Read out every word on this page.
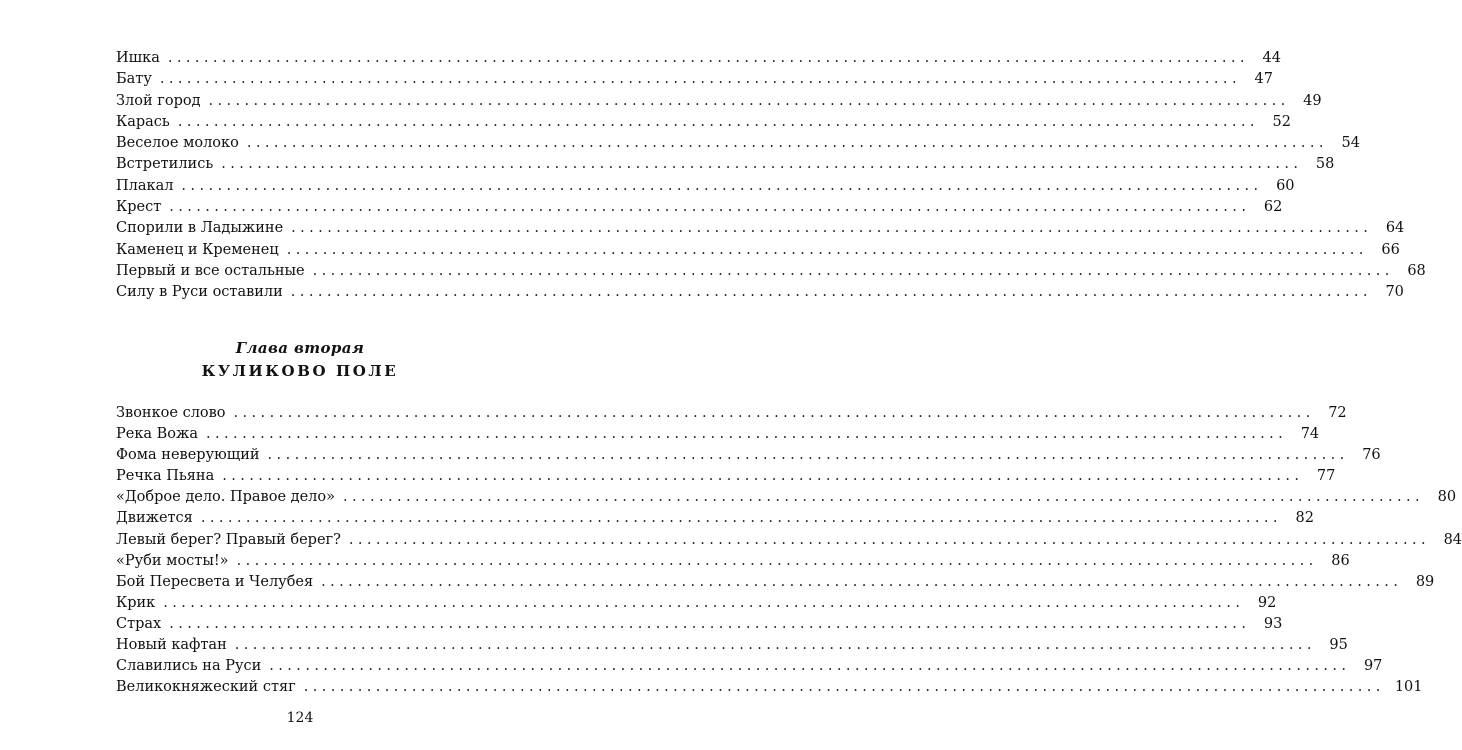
Ишка ........................................................................................................................ 44
Бату ........................................................................................................................ 47
Злой город ........................................................................................................................ 49
Карась ........................................................................................................................ 52
Веселое молоко ........................................................................................................................ 54
Встретились ........................................................................................................................ 58
Плакал ........................................................................................................................ 60
Крест ........................................................................................................................ 62
Спорили в Ладыжине ........................................................................................................................ 64
Каменец и Кременец ........................................................................................................................ 66
Первый и все остальные ........................................................................................................................ 68
Силу в Руси оставили ........................................................................................................................ 70
Глава вторая
КУЛИКОВО ПОЛЕ
Звонкое слово ........................................................................................................................ 72
Река Вожа ........................................................................................................................ 74
Фома неверующий ........................................................................................................................ 76
Речка Пьяна ........................................................................................................................ 77
«Доброе дело. Правое дело» ........................................................................................................................ 80
Движется ........................................................................................................................ 82
Левый берег? Правый берег? ........................................................................................................................ 84
«Руби мосты!» ........................................................................................................................ 86
Бой Пересвета и Челубея ........................................................................................................................ 89
Крик ........................................................................................................................ 92
Страх ........................................................................................................................ 93
Новый кафтан ........................................................................................................................ 95
Славились на Руси ........................................................................................................................ 97
Великокняжеский стяг ........................................................................................................................ 101
124
